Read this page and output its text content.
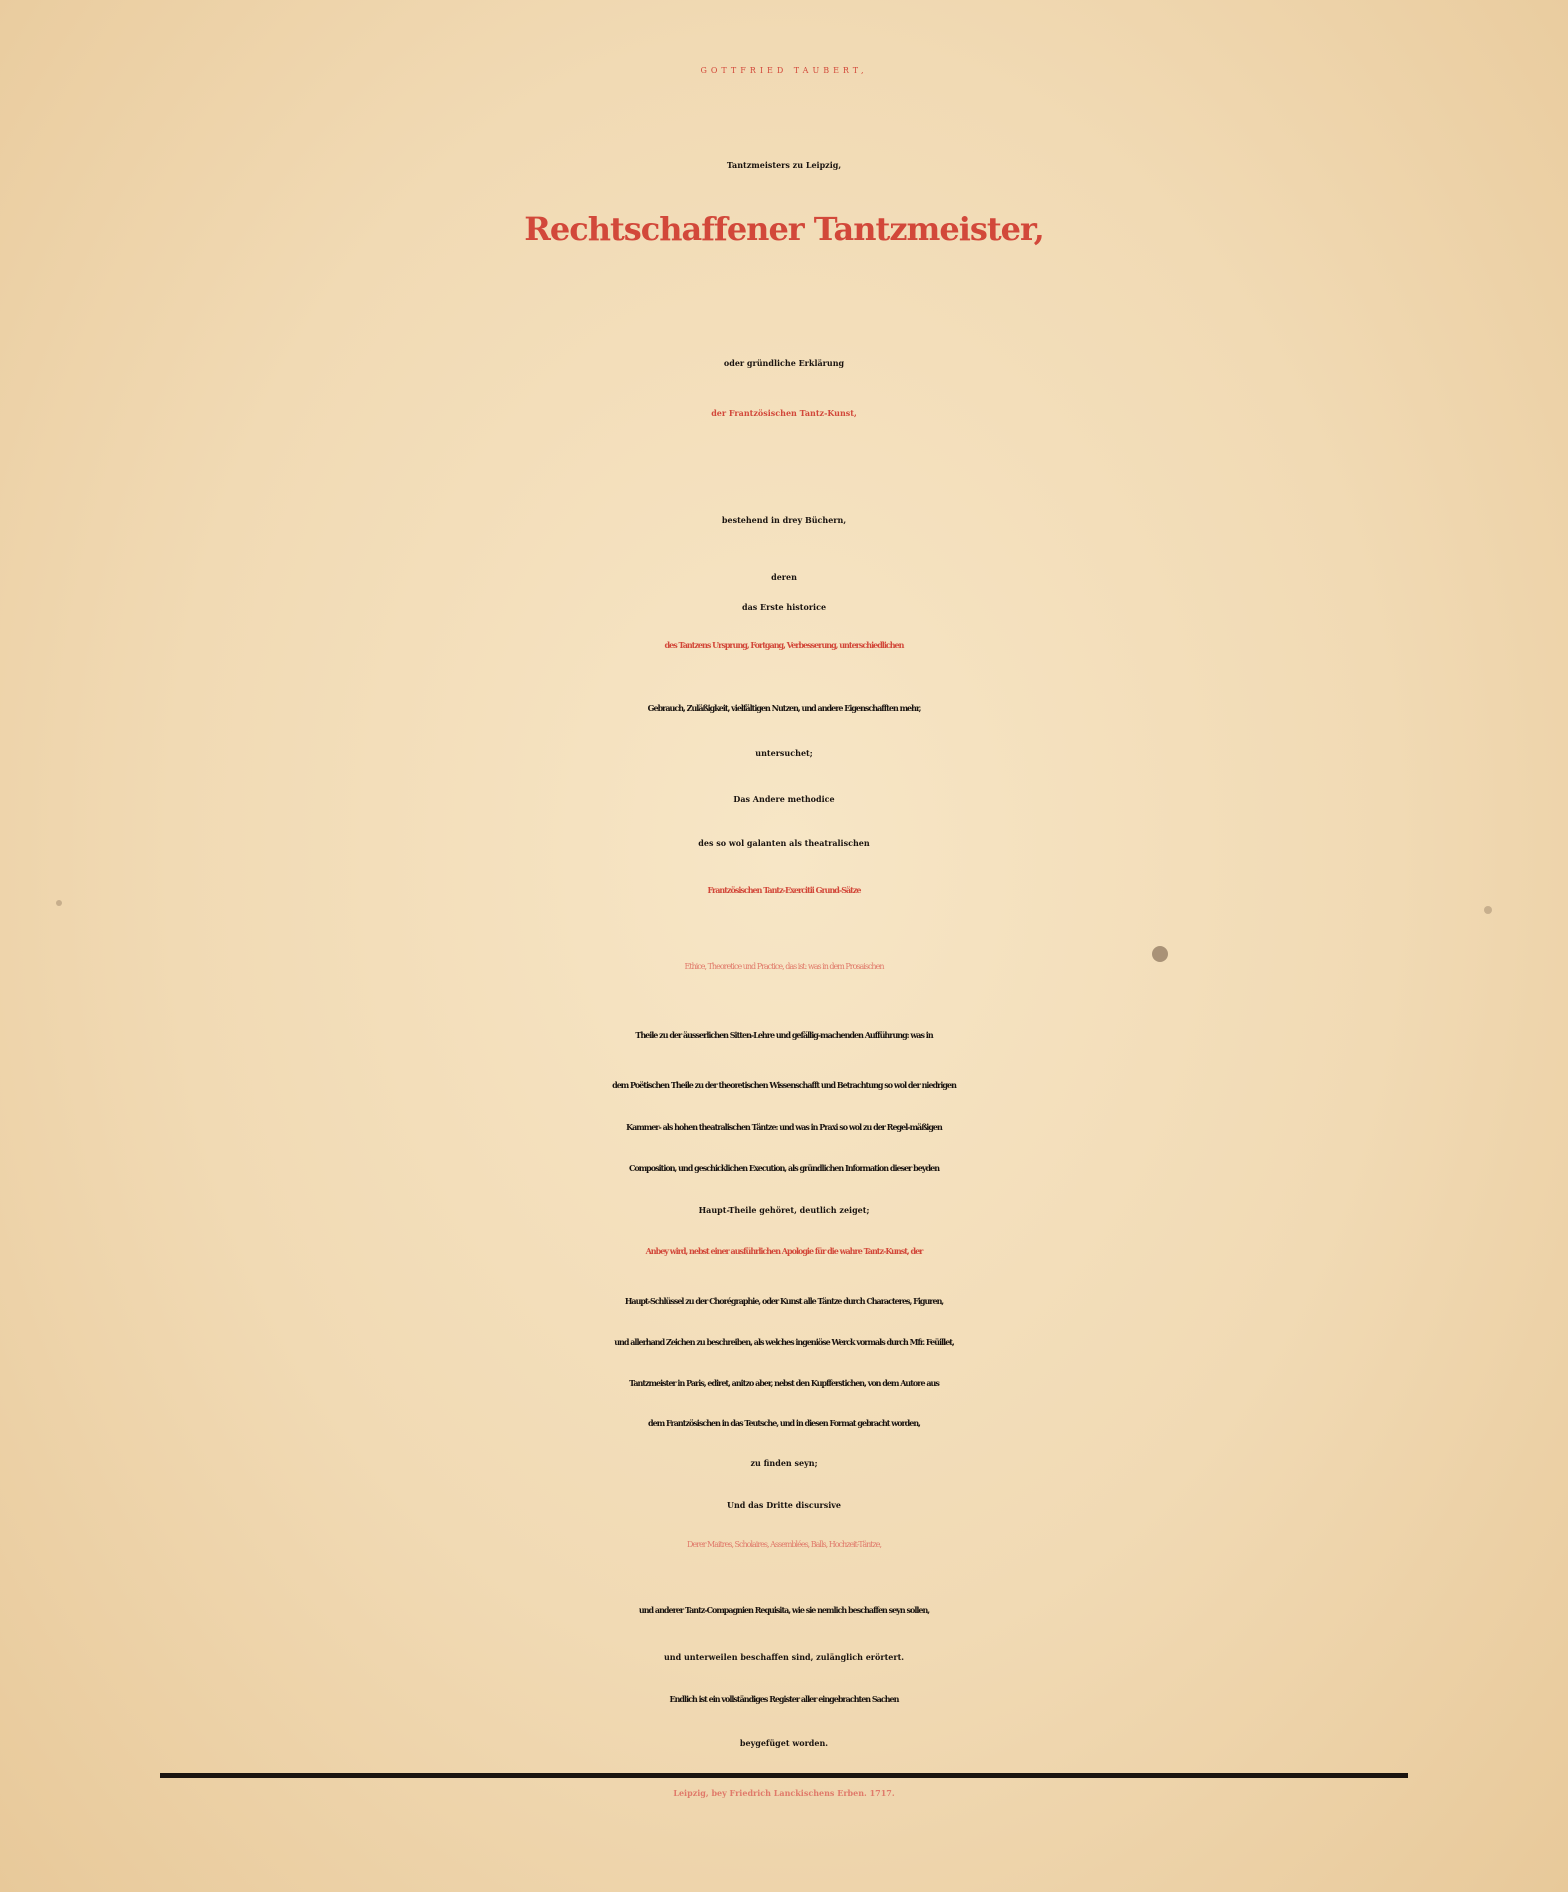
GOTTFRIED TAUBERT,
Tantzmeisters zu Leipzig,
Rechtschaffener Tantzmeister,
oder gründliche Erklärung
der Frantzösischen Tantz-Kunst,
bestehend in drey Büchern,
deren
das Erste historice
des Tantzens Ursprung, Fortgang, Verbesserung, unterschiedlichen
Gebrauch, Zuläßigkeit, vielfältigen Nutzen, und andere Eigenschafften mehr,
untersuchet;
Das Andere methodice
des so wol galanten als theatralischen
Frantzösischen Tantz-Exercitii Grund-Sätze
Ethice, Theoretice und Practice, das ist: was in dem Prosaischen
Theile zu der äusserlichen Sitten-Lehre und gefällig-machenden Aufführung: was in
dem Poëtischen Theile zu der theoretischen Wissenschafft und Betrachtung so wol der niedrigen
Kammer- als hohen theatralischen Täntze: und was in Praxi so wol zu der Regel-mäßigen
Composition, und geschicklichen Execution, als gründlichen Information dieser beyden
Haupt-Theile gehöret, deutlich zeiget;
Anbey wird, nebst einer ausführlichen Apologie für die wahre Tantz-Kunst, der
Haupt-Schlüssel zu der Chorégraphie, oder Kunst alle Täntze durch Characteres, Figuren,
und allerhand Zeichen zu beschreiben, als welches ingeniöse Werck vormals durch Mfr. Feüillet,
Tantzmeister in Paris, ediret, anitzo aber, nebst den Kupfferstichen, von dem Autore aus
dem Frantzösischen in das Teutsche, und in diesen Format gebracht worden,
zu finden seyn;
Und das Dritte discursive
Derer Maitres, Scholaires, Assemblées, Balls, Hochzeit-Täntze,
und anderer Tantz-Compagnien Requisita, wie sie nemlich beschaffen seyn sollen,
und unterweilen beschaffen sind, zulänglich erörtert.
Endlich ist ein vollständiges Register aller eingebrachten Sachen
beygefüget worden.
Leipzig, bey Friedrich Lanckischens Erben. 1717.
